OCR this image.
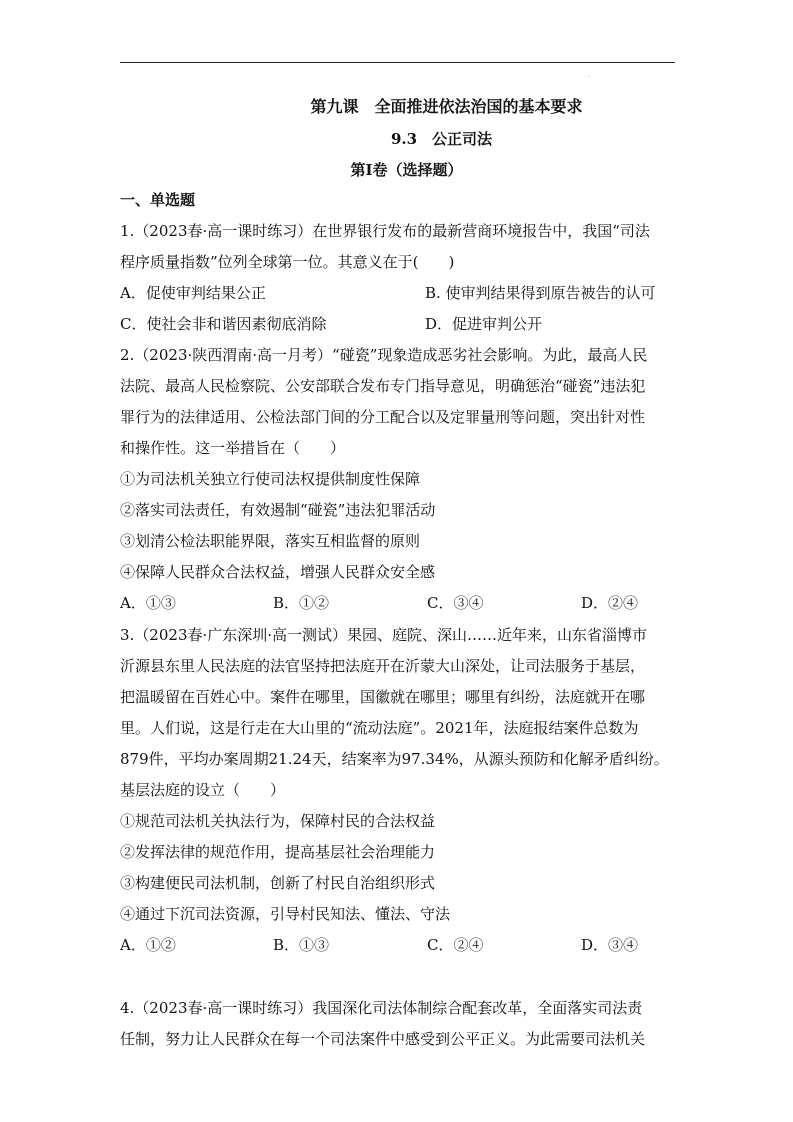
.
第九课　全面推进依法治国的基本要求
9.3　公正司法
第Ⅰ卷（选择题）
一、单选题
1.（2023春·高一课时练习）在世界银行发布的最新营商环境报告中，我国“司法
程序质量指数”位列全球第一位。其意义在于(　　)
A．促使审判结果公正	B. 使审判结果得到原告被告的认可
C．使社会非和谐因素彻底消除	D．促进审判公开
2.（2023·陕西渭南·高一月考）“碰瓷”现象造成恶劣社会影响。为此，最高人民
法院、最高人民检察院、公安部联合发布专门指导意见，明确惩治“碰瓷”违法犯
罪行为的法律适用、公检法部门间的分工配合以及定罪量刑等问题，突出针对性
和操作性。这一举措旨在（　　）
①为司法机关独立行使司法权提供制度性保障
②落实司法责任，有效遏制“碰瓷”违法犯罪活动
③划清公检法职能界限，落实互相监督的原则
④保障人民群众合法权益，增强人民群众安全感
A．①③	B．①②	C．③④	D．②④
3.（2023春·广东深圳·高一测试）果园、庭院、深山……近年来，山东省淄博市
沂源县东里人民法庭的法官坚持把法庭开在沂蒙大山深处，让司法服务于基层，
把温暖留在百姓心中。案件在哪里，国徽就在哪里；哪里有纠纷，法庭就开在哪
里。人们说，这是行走在大山里的“流动法庭”。2021年，法庭报结案件总数为
879件，平均办案周期21.24天，结案率为97.34%，从源头预防和化解矛盾纠纷。
基层法庭的设立（　　）
①规范司法机关执法行为，保障村民的合法权益
②发挥法律的规范作用，提高基层社会治理能力
③构建便民司法机制，创新了村民自治组织形式
④通过下沉司法资源，引导村民知法、懂法、守法
A．①②	B．①③	C．②④	D．③④
4.（2023春·高一课时练习）我国深化司法体制综合配套改革，全面落实司法责
任制，努力让人民群众在每一个司法案件中感受到公平正义。为此需要司法机关
